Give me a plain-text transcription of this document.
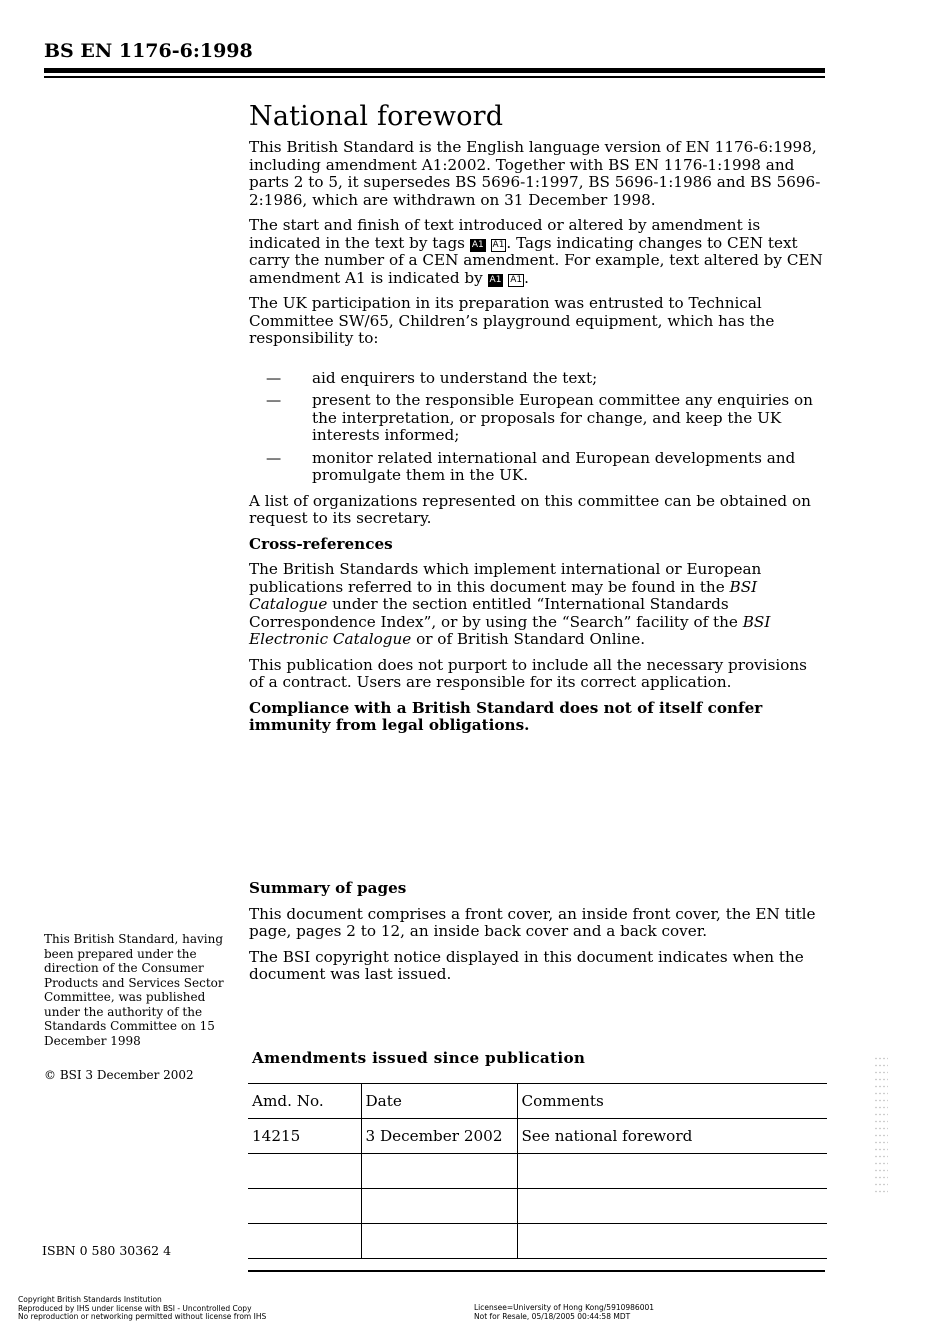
BS EN 1176-6:1998
National foreword

This British Standard is the English language version of EN 1176-6:1998, including amendment A1:2002. Together with BS EN 1176-1:1998 and parts 2 to 5, it supersedes BS 5696-1:1997, BS 5696-1:1986 and BS 5696-2:1986, which are withdrawn on 31 December 1998.

The start and finish of text introduced or altered by amendment is indicated in the text by tags A1 A1 . Tags indicating changes to CEN text carry the number of a CEN amendment. For example, text altered by CEN amendment A1 is indicated by A1 A1 .

The UK participation in its preparation was entrusted to Technical Committee SW/65, Children’s playground equipment, which has the responsibility to:

—	aid enquirers to understand the text;
—	present to the responsible European committee any enquiries on the interpretation, or proposals for change, and keep the UK interests informed;
—	monitor related international and European developments and promulgate them in the UK.

A list of organizations represented on this committee can be obtained on request to its secretary.

Cross-references

The British Standards which implement international or European publications referred to in this document may be found in the BSI Catalogue under the section entitled “International Standards Correspondence Index”, or by using the “Search” facility of the BSI Electronic Catalogue or of British Standard Online.

This publication does not purport to include all the necessary provisions of a contract. Users are responsible for its correct application.

Compliance with a British Standard does not of itself confer immunity from legal obligations.

Summary of pages

This document comprises a front cover, an inside front cover, the EN title page, pages 2 to 12, an inside back cover and a back cover.

The BSI copyright notice displayed in this document indicates when the document was last issued.

This British Standard, having been prepared under the direction of the Consumer Products and Services Sector Committee, was published under the authority of the Standards Committee on 15 December 1998
© BSI 3 December 2002
ISBN 0 580 30362 4
Amendments issued since publication
Amd. No.	Date	Comments
14215	3 December 2002	See national foreword

Copyright British Standards Institution
Reproduced by IHS under license with BSI - Uncontrolled Copy
No reproduction or networking permitted without license from IHS
Licensee=University of Hong Kong/5910986001
Not for Resale, 05/18/2005 00:44:58 MDT
